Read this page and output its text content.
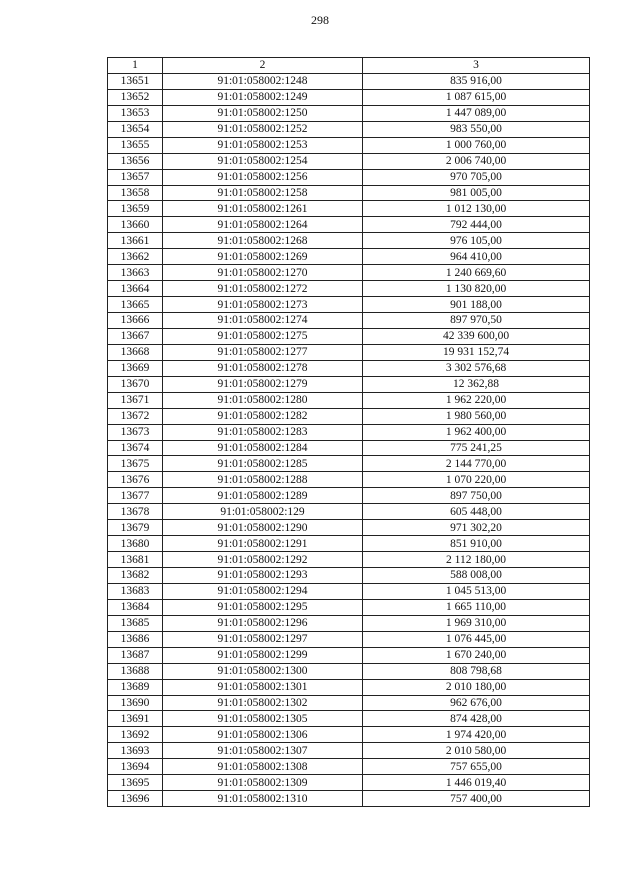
298
1	2	3
13651	91:01:058002:1248	835 916,00
13652	91:01:058002:1249	1 087 615,00
13653	91:01:058002:1250	1 447 089,00
13654	91:01:058002:1252	983 550,00
13655	91:01:058002:1253	1 000 760,00
13656	91:01:058002:1254	2 006 740,00
13657	91:01:058002:1256	970 705,00
13658	91:01:058002:1258	981 005,00
13659	91:01:058002:1261	1 012 130,00
13660	91:01:058002:1264	792 444,00
13661	91:01:058002:1268	976 105,00
13662	91:01:058002:1269	964 410,00
13663	91:01:058002:1270	1 240 669,60
13664	91:01:058002:1272	1 130 820,00
13665	91:01:058002:1273	901 188,00
13666	91:01:058002:1274	897 970,50
13667	91:01:058002:1275	42 339 600,00
13668	91:01:058002:1277	19 931 152,74
13669	91:01:058002:1278	3 302 576,68
13670	91:01:058002:1279	12 362,88
13671	91:01:058002:1280	1 962 220,00
13672	91:01:058002:1282	1 980 560,00
13673	91:01:058002:1283	1 962 400,00
13674	91:01:058002:1284	775 241,25
13675	91:01:058002:1285	2 144 770,00
13676	91:01:058002:1288	1 070 220,00
13677	91:01:058002:1289	897 750,00
13678	91:01:058002:129	605 448,00
13679	91:01:058002:1290	971 302,20
13680	91:01:058002:1291	851 910,00
13681	91:01:058002:1292	2 112 180,00
13682	91:01:058002:1293	588 008,00
13683	91:01:058002:1294	1 045 513,00
13684	91:01:058002:1295	1 665 110,00
13685	91:01:058002:1296	1 969 310,00
13686	91:01:058002:1297	1 076 445,00
13687	91:01:058002:1299	1 670 240,00
13688	91:01:058002:1300	808 798,68
13689	91:01:058002:1301	2 010 180,00
13690	91:01:058002:1302	962 676,00
13691	91:01:058002:1305	874 428,00
13692	91:01:058002:1306	1 974 420,00
13693	91:01:058002:1307	2 010 580,00
13694	91:01:058002:1308	757 655,00
13695	91:01:058002:1309	1 446 019,40
13696	91:01:058002:1310	757 400,00
